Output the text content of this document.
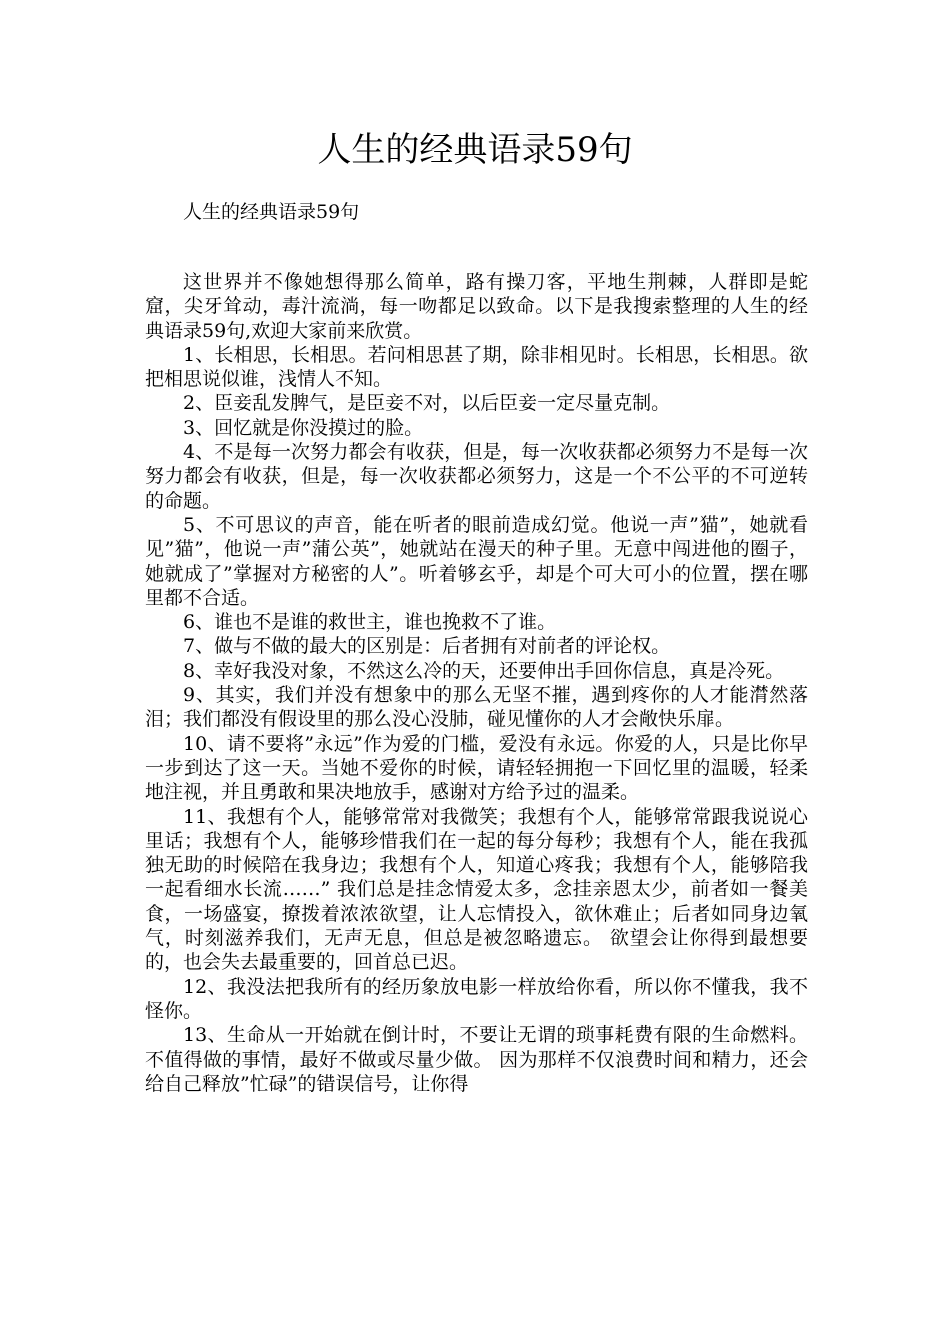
人生的经典语录59句
人生的经典语录59句

这世界并不像她想得那么简单，路有操刀客，平地生荆棘，人群即是蛇窟，尖牙耸动，毒汁流淌，每一吻都足以致命。以下是我搜索整理的人生的经典语录59句,欢迎大家前来欣赏。

1、长相思，长相思。若问相思甚了期，除非相见时。长相思，长相思。欲把相思说似谁，浅情人不知。

2、臣妾乱发脾气，是臣妾不对，以后臣妾一定尽量克制。

3、回忆就是你没摸过的脸。

4、不是每一次努力都会有收获，但是，每一次收获都必须努力不是每一次努力都会有收获，但是，每一次收获都必须努力，这是一个不公平的不可逆转的命题。

5、不可思议的声音，能在听者的眼前造成幻觉。他说一声”猫”，她就看见”猫”，他说一声”蒲公英”，她就站在漫天的种子里。无意中闯进他的圈子，她就成了”掌握对方秘密的人”。听着够玄乎，却是个可大可小的位置，摆在哪里都不合适。

6、谁也不是谁的救世主，谁也挽救不了谁。

7、做与不做的最大的区别是：后者拥有对前者的评论权。

8、幸好我没对象，不然这么冷的天，还要伸出手回你信息，真是冷死。

9、其实，我们并没有想象中的那么无坚不摧，遇到疼你的人才能潸然落泪；我们都没有假设里的那么没心没肺，碰见懂你的人才会敞快乐扉。

10、请不要将”永远”作为爱的门槛，爱没有永远。你爱的人，只是比你早一步到达了这一天。当她不爱你的时候，请轻轻拥抱一下回忆里的温暖，轻柔地注视，并且勇敢和果决地放手，感谢对方给予过的温柔。

11、我想有个人，能够常常对我微笑；我想有个人，能够常常跟我说说心里话；我想有个人，能够珍惜我们在一起的每分每秒；我想有个人，能在我孤独无助的时候陪在我身边；我想有个人，知道心疼我；我想有个人，能够陪我一起看细水长流……” 我们总是挂念情爱太多，念挂亲恩太少，前者如一餐美食，一场盛宴，撩拨着浓浓欲望，让人忘情投入，欲休难止；后者如同身边氧气，时刻滋养我们，无声无息，但总是被忽略遗忘。 欲望会让你得到最想要的，也会失去最重要的，回首总已迟。

12、我没法把我所有的经历象放电影一样放给你看，所以你不懂我，我不怪你。

13、生命从一开始就在倒计时，不要让无谓的琐事耗费有限的生命燃料。 不值得做的事情，最好不做或尽量少做。 因为那样不仅浪费时间和精力，还会给自己释放”忙碌”的错误信号，让你得
